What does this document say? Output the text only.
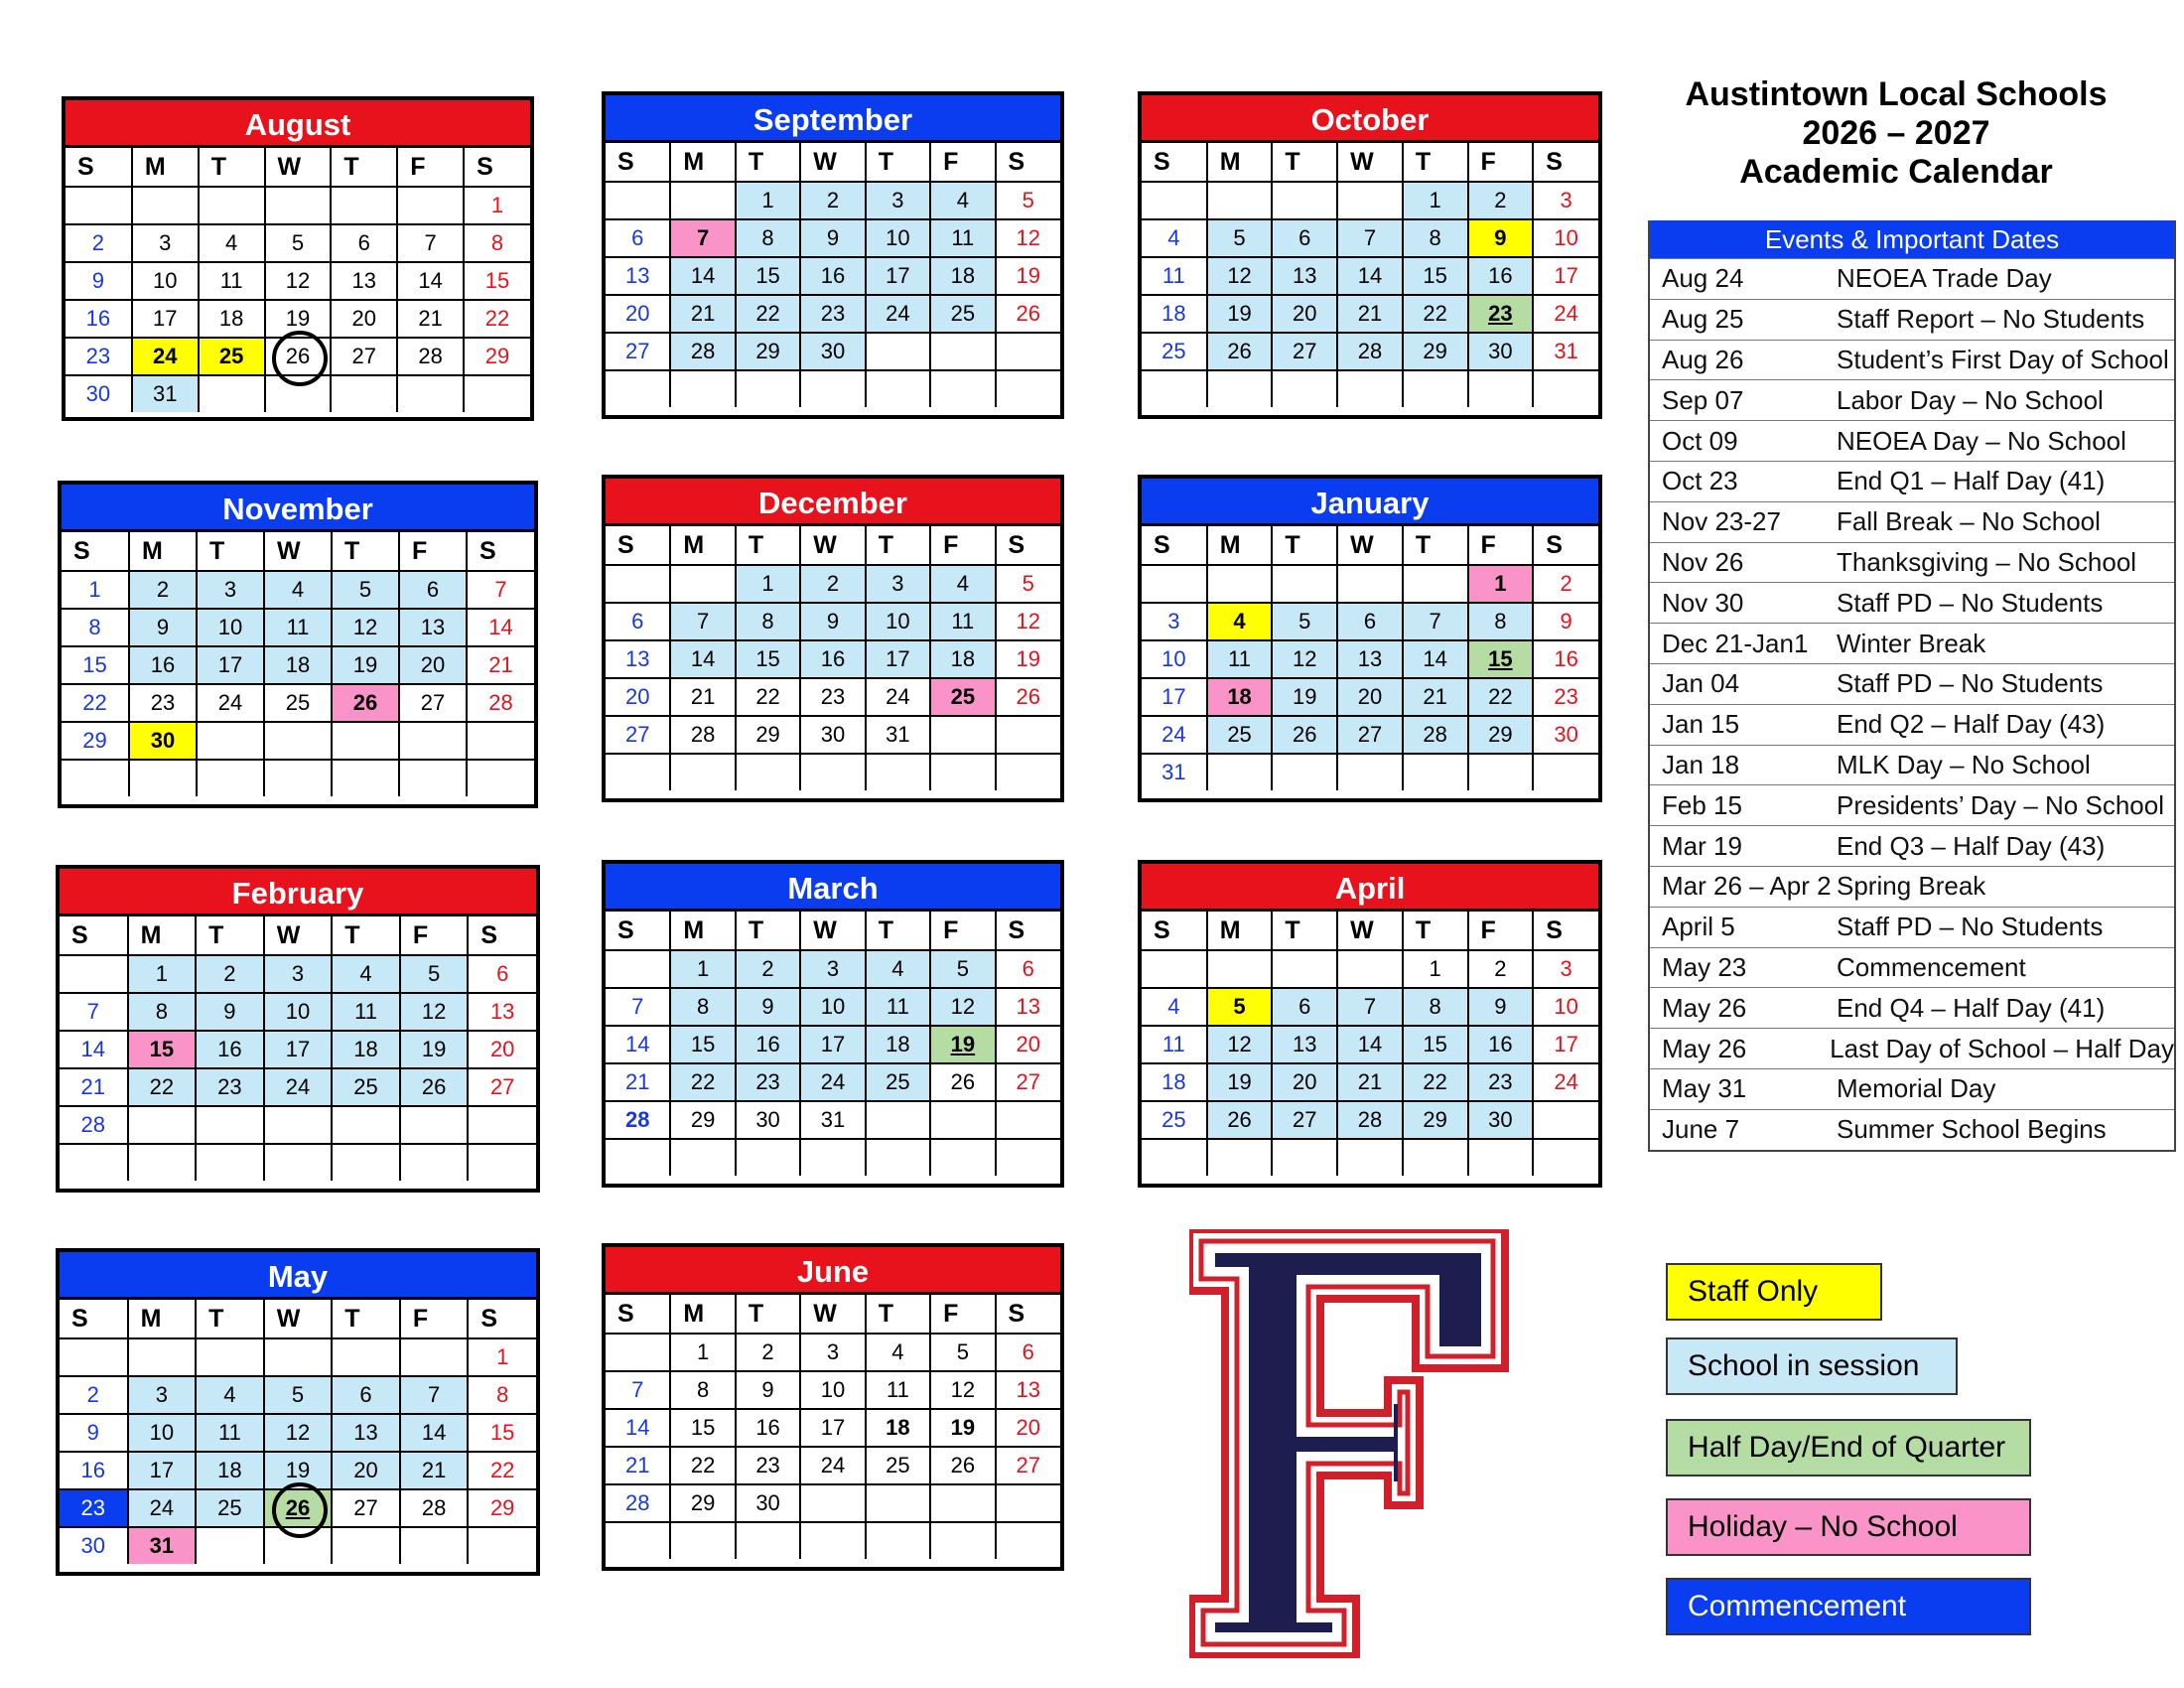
August
S	M	T	W	T	F	S
						1
2	3	4	5	6	7	8
9	10	11	12	13	14	15
16	17	18	19	20	21	22
23	24	25	26	27	28	29
30	31					
September
S	M	T	W	T	F	S
		1	2	3	4	5
6	7	8	9	10	11	12
13	14	15	16	17	18	19
20	21	22	23	24	25	26
27	28	29	30			

October
S	M	T	W	T	F	S
				1	2	3
4	5	6	7	8	9	10
11	12	13	14	15	16	17
18	19	20	21	22	23	24
25	26	27	28	29	30	31

November
S	M	T	W	T	F	S
1	2	3	4	5	6	7
8	9	10	11	12	13	14
15	16	17	18	19	20	21
22	23	24	25	26	27	28
29	30					

December
S	M	T	W	T	F	S
		1	2	3	4	5
6	7	8	9	10	11	12
13	14	15	16	17	18	19
20	21	22	23	24	25	26
27	28	29	30	31		

January
S	M	T	W	T	F	S
					1	2
3	4	5	6	7	8	9
10	11	12	13	14	15	16
17	18	19	20	21	22	23
24	25	26	27	28	29	30
31						
February
S	M	T	W	T	F	S
	1	2	3	4	5	6
7	8	9	10	11	12	13
14	15	16	17	18	19	20
21	22	23	24	25	26	27
28						

March
S	M	T	W	T	F	S
	1	2	3	4	5	6
7	8	9	10	11	12	13
14	15	16	17	18	19	20
21	22	23	24	25	26	27
28	29	30	31			

April
S	M	T	W	T	F	S
				1	2	3
4	5	6	7	8	9	10
11	12	13	14	15	16	17
18	19	20	21	22	23	24
25	26	27	28	29	30	

May
S	M	T	W	T	F	S
						1
2	3	4	5	6	7	8
9	10	11	12	13	14	15
16	17	18	19	20	21	22
23	24	25	26	27	28	29
30	31					
June
S	M	T	W	T	F	S
	1	2	3	4	5	6
7	8	9	10	11	12	13
14	15	16	17	18	19	20
21	22	23	24	25	26	27
28	29	30				

Austintown Local Schools
2026 – 2027
Academic Calendar
Events & Important Dates
Aug 24	NEOEA Trade Day
Aug 25	Staff Report – No Students
Aug 26	Student’s First Day of School
Sep 07	Labor Day – No School
Oct 09	NEOEA Day – No School
Oct 23	End Q1 – Half Day (41)
Nov 23-27	Fall Break – No School
Nov 26	Thanksgiving – No School
Nov 30	Staff PD – No Students
Dec 21-Jan1	Winter Break
Jan 04	Staff PD – No Students
Jan 15	End Q2 – Half Day (43)
Jan 18	MLK Day – No School
Feb 15	Presidents’ Day – No School
Mar 19	End Q3 – Half Day (43)
Mar 26 – Apr 2 Spring Break
April 5	Staff PD – No Students
May 23	Commencement
May 26	End Q4 – Half Day (41)
May 26	Last Day of School – Half Day
May 31	Memorial Day
June 7	Summer School Begins
Staff Only
School in session
Half Day/End of Quarter
Holiday – No School
Commencement
